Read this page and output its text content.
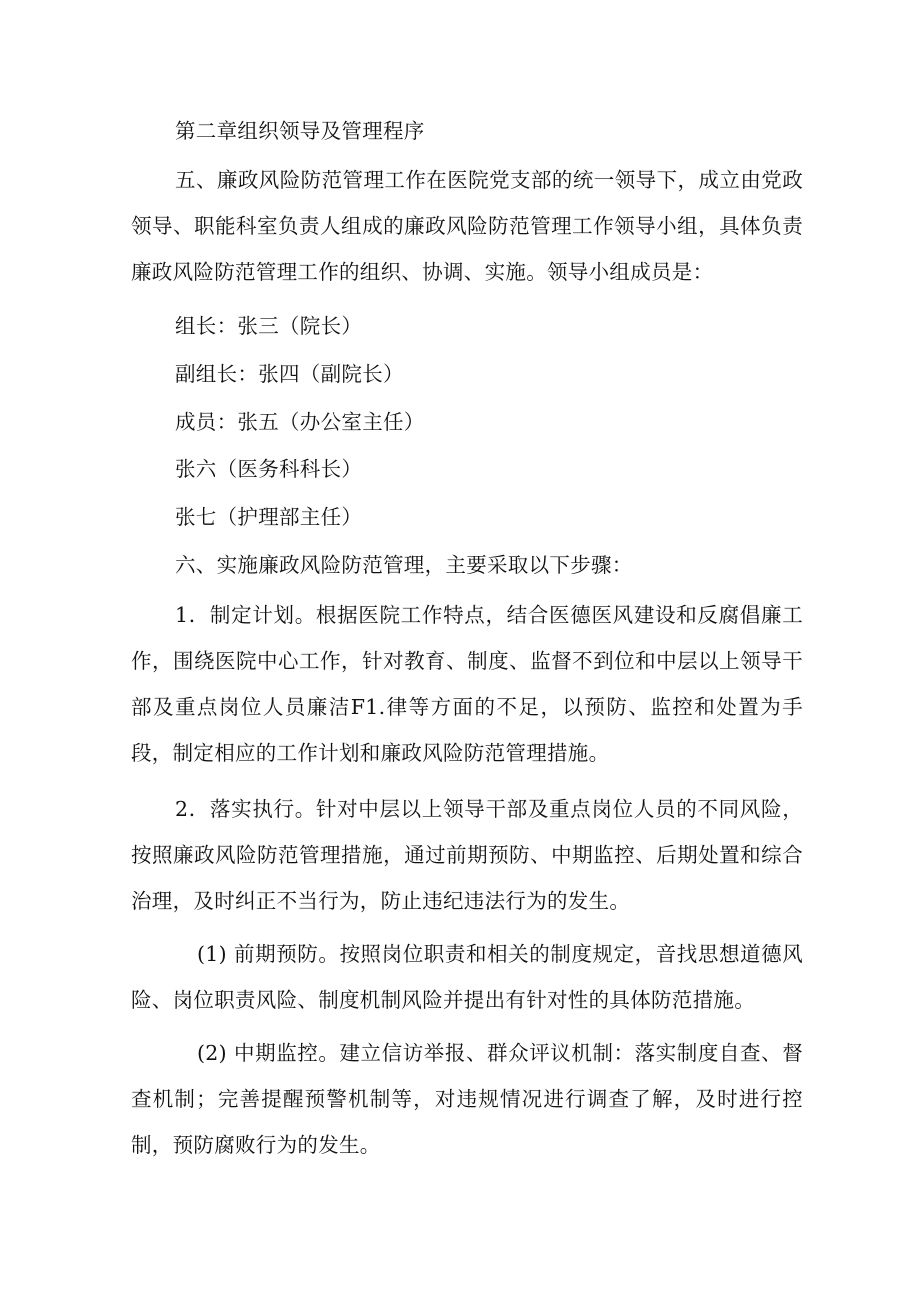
第二章组织领导及管理程序

五、廉政风险防范管理工作在医院党支部的统一领导下，成立由党政领导、职能科室负责人组成的廉政风险防范管理工作领导小组，具体负责廉政风险防范管理工作的组织、协调、实施。领导小组成员是：

组长：张三（院长）

副组长：张四（副院长）

成员：张五（办公室主任）

张六（医务科科长）

张七（护理部主任）

六、实施廉政风险防范管理，主要采取以下步骤：

1．制定计划。根据医院工作特点，结合医德医风建设和反腐倡廉工作，围绕医院中心工作，针对教育、制度、监督不到位和中层以上领导干部及重点岗位人员廉洁F1.律等方面的不足，以预防、监控和处置为手段，制定相应的工作计划和廉政风险防范管理措施。

2．落实执行。针对中层以上领导干部及重点岗位人员的不同风险，按照廉政风险防范管理措施，通过前期预防、中期监控、后期处置和综合治理，及时纠正不当行为，防止违纪违法行为的发生。

(1) 前期预防。按照岗位职责和相关的制度规定，音找思想道德风险、岗位职责风险、制度机制风险并提出有针对性的具体防范措施。

(2) 中期监控。建立信访举报、群众评议机制：落实制度自查、督查机制；完善提醒预警机制等，对违规情况进行调查了解，及时进行控制，预防腐败行为的发生。
